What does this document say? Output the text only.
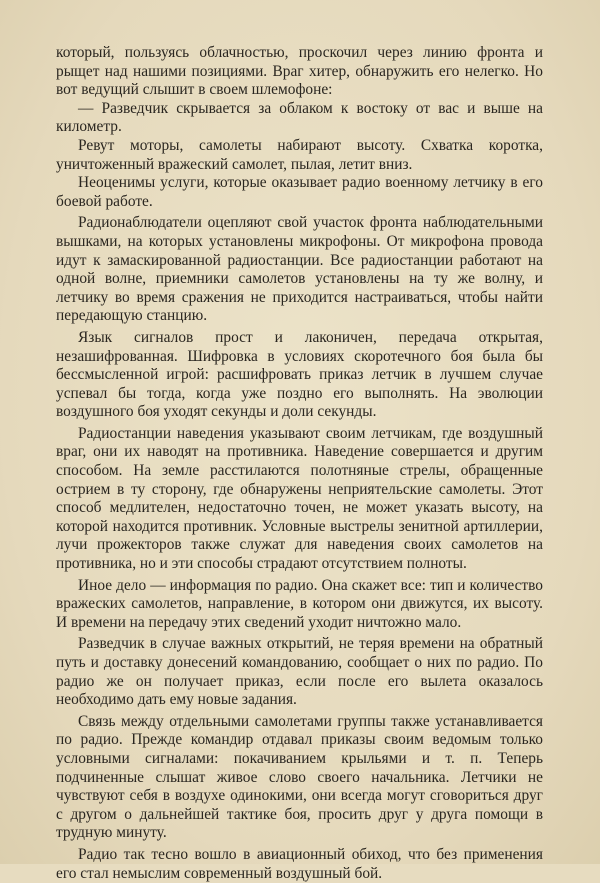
который, пользуясь облачностью, проскочил через линию фронта и рыщет над нашими позициями. Враг хитер, обнаружить его нелегко. Но вот ведущий слышит в своем шлемофоне:

— Разведчик скрывается за облаком к востоку от вас и выше на километр.

Ревут моторы, самолеты набирают высоту. Схватка коротка, уничтоженный вражеский самолет, пылая, летит вниз.

Неоценимы услуги, которые оказывает радио военному летчику в его боевой работе.

Радионаблюдатели оцепляют свой участок фронта наблюдательными вышками, на которых установлены микрофоны. От микрофона провода идут к замаскированной радиостанции. Все радиостанции работают на одной волне, приемники самолетов установлены на ту же волну, и летчику во время сражения не приходится настраиваться, чтобы найти передающую станцию.

Язык сигналов прост и лаконичен, передача открытая, незашифрованная. Шифровка в условиях скоротечного боя была бы бессмысленной игрой: расшифровать приказ летчик в лучшем случае успевал бы тогда, когда уже поздно его выполнять. На эволюции воздушного боя уходят секунды и доли секунды.

Радиостанции наведения указывают своим летчикам, где воздушный враг, они их наводят на противника. Наведение совершается и другим способом. На земле расстилаются полотняные стрелы, обращенные острием в ту сторону, где обнаружены неприятельские самолеты. Этот способ медлителен, недостаточно точен, не может указать высоту, на которой находится противник. Условные выстрелы зенитной артиллерии, лучи прожекторов также служат для наведения своих самолетов на противника, но и эти способы страдают отсутствием полноты.

Иное дело — информация по радио. Она скажет все: тип и количество вражеских самолетов, направление, в котором они движутся, их высоту. И времени на передачу этих сведений уходит ничтожно мало.

Разведчик в случае важных открытий, не теряя времени на обратный путь и доставку донесений командованию, сообщает о них по радио. По радио же он получает приказ, если после его вылета оказалось необходимо дать ему новые задания.

Связь между отдельными самолетами группы также устанавливается по радио. Прежде командир отдавал приказы своим ведомым только условными сигналами: покачиванием крыльями и т. п. Теперь подчиненные слышат живое слово своего начальника. Летчики не чувствуют себя в воздухе одинокими, они всегда могут сговориться друг с другом о дальнейшей тактике боя, просить друг у друга помощи в трудную минуту.

Радио так тесно вошло в авиационный обиход, что без применения его стал немыслим современный воздушный бой.
